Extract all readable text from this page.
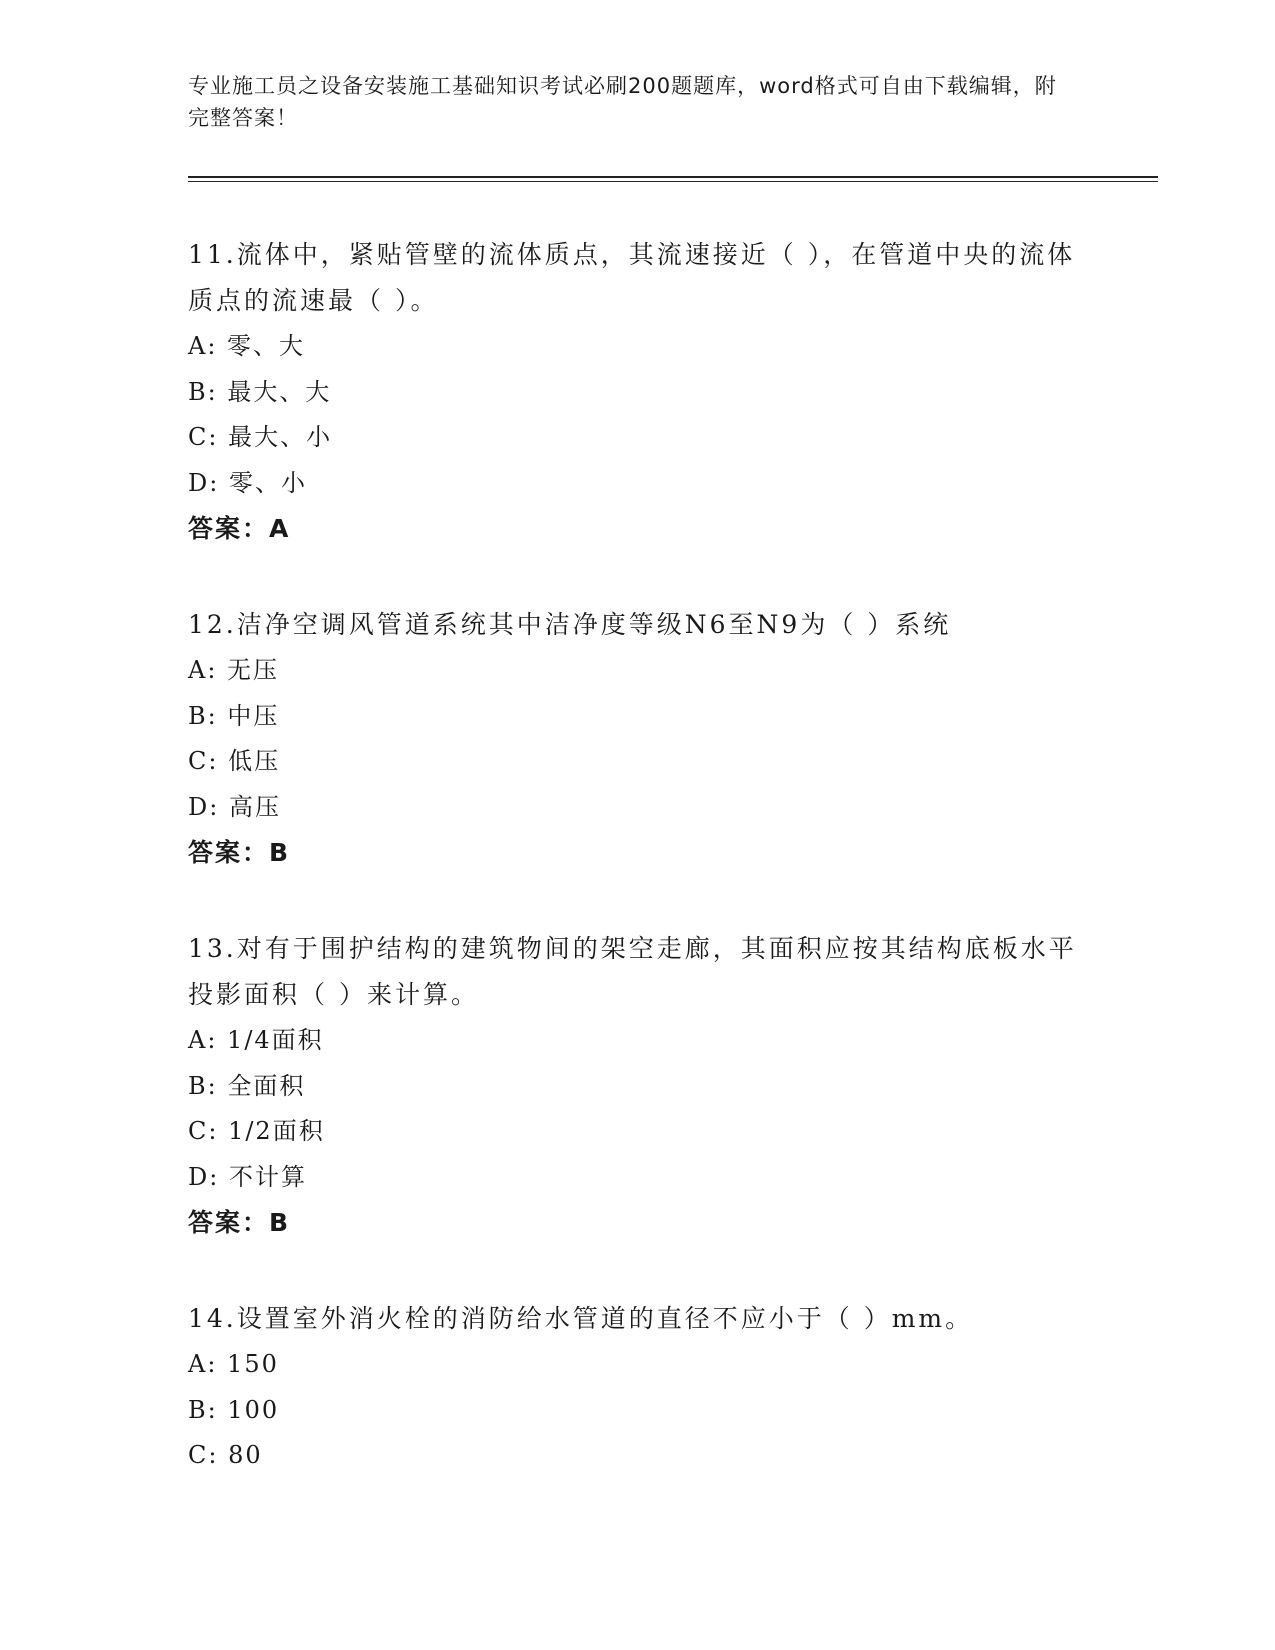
专业施工员之设备安装施工基础知识考试必刷200题题库，word格式可自由下载编辑，附完整答案！

11.流体中，紧贴管壁的流体质点，其流速接近（ ），在管道中央的流体质点的流速最（ ）。

A: 零、大

B: 最大、大

C: 最大、小

D: 零、小

答案：A

12.洁净空调风管道系统其中洁净度等级N6至N9为（ ）系统

A: 无压

B: 中压

C: 低压

D: 高压

答案：B

13.对有于围护结构的建筑物间的架空走廊，其面积应按其结构底板水平投影面积（ ）来计算。

A: 1/4面积

B: 全面积

C: 1/2面积

D: 不计算

答案：B

14.设置室外消火栓的消防给水管道的直径不应小于（ ）mm。

A: 150

B: 100

C: 80
